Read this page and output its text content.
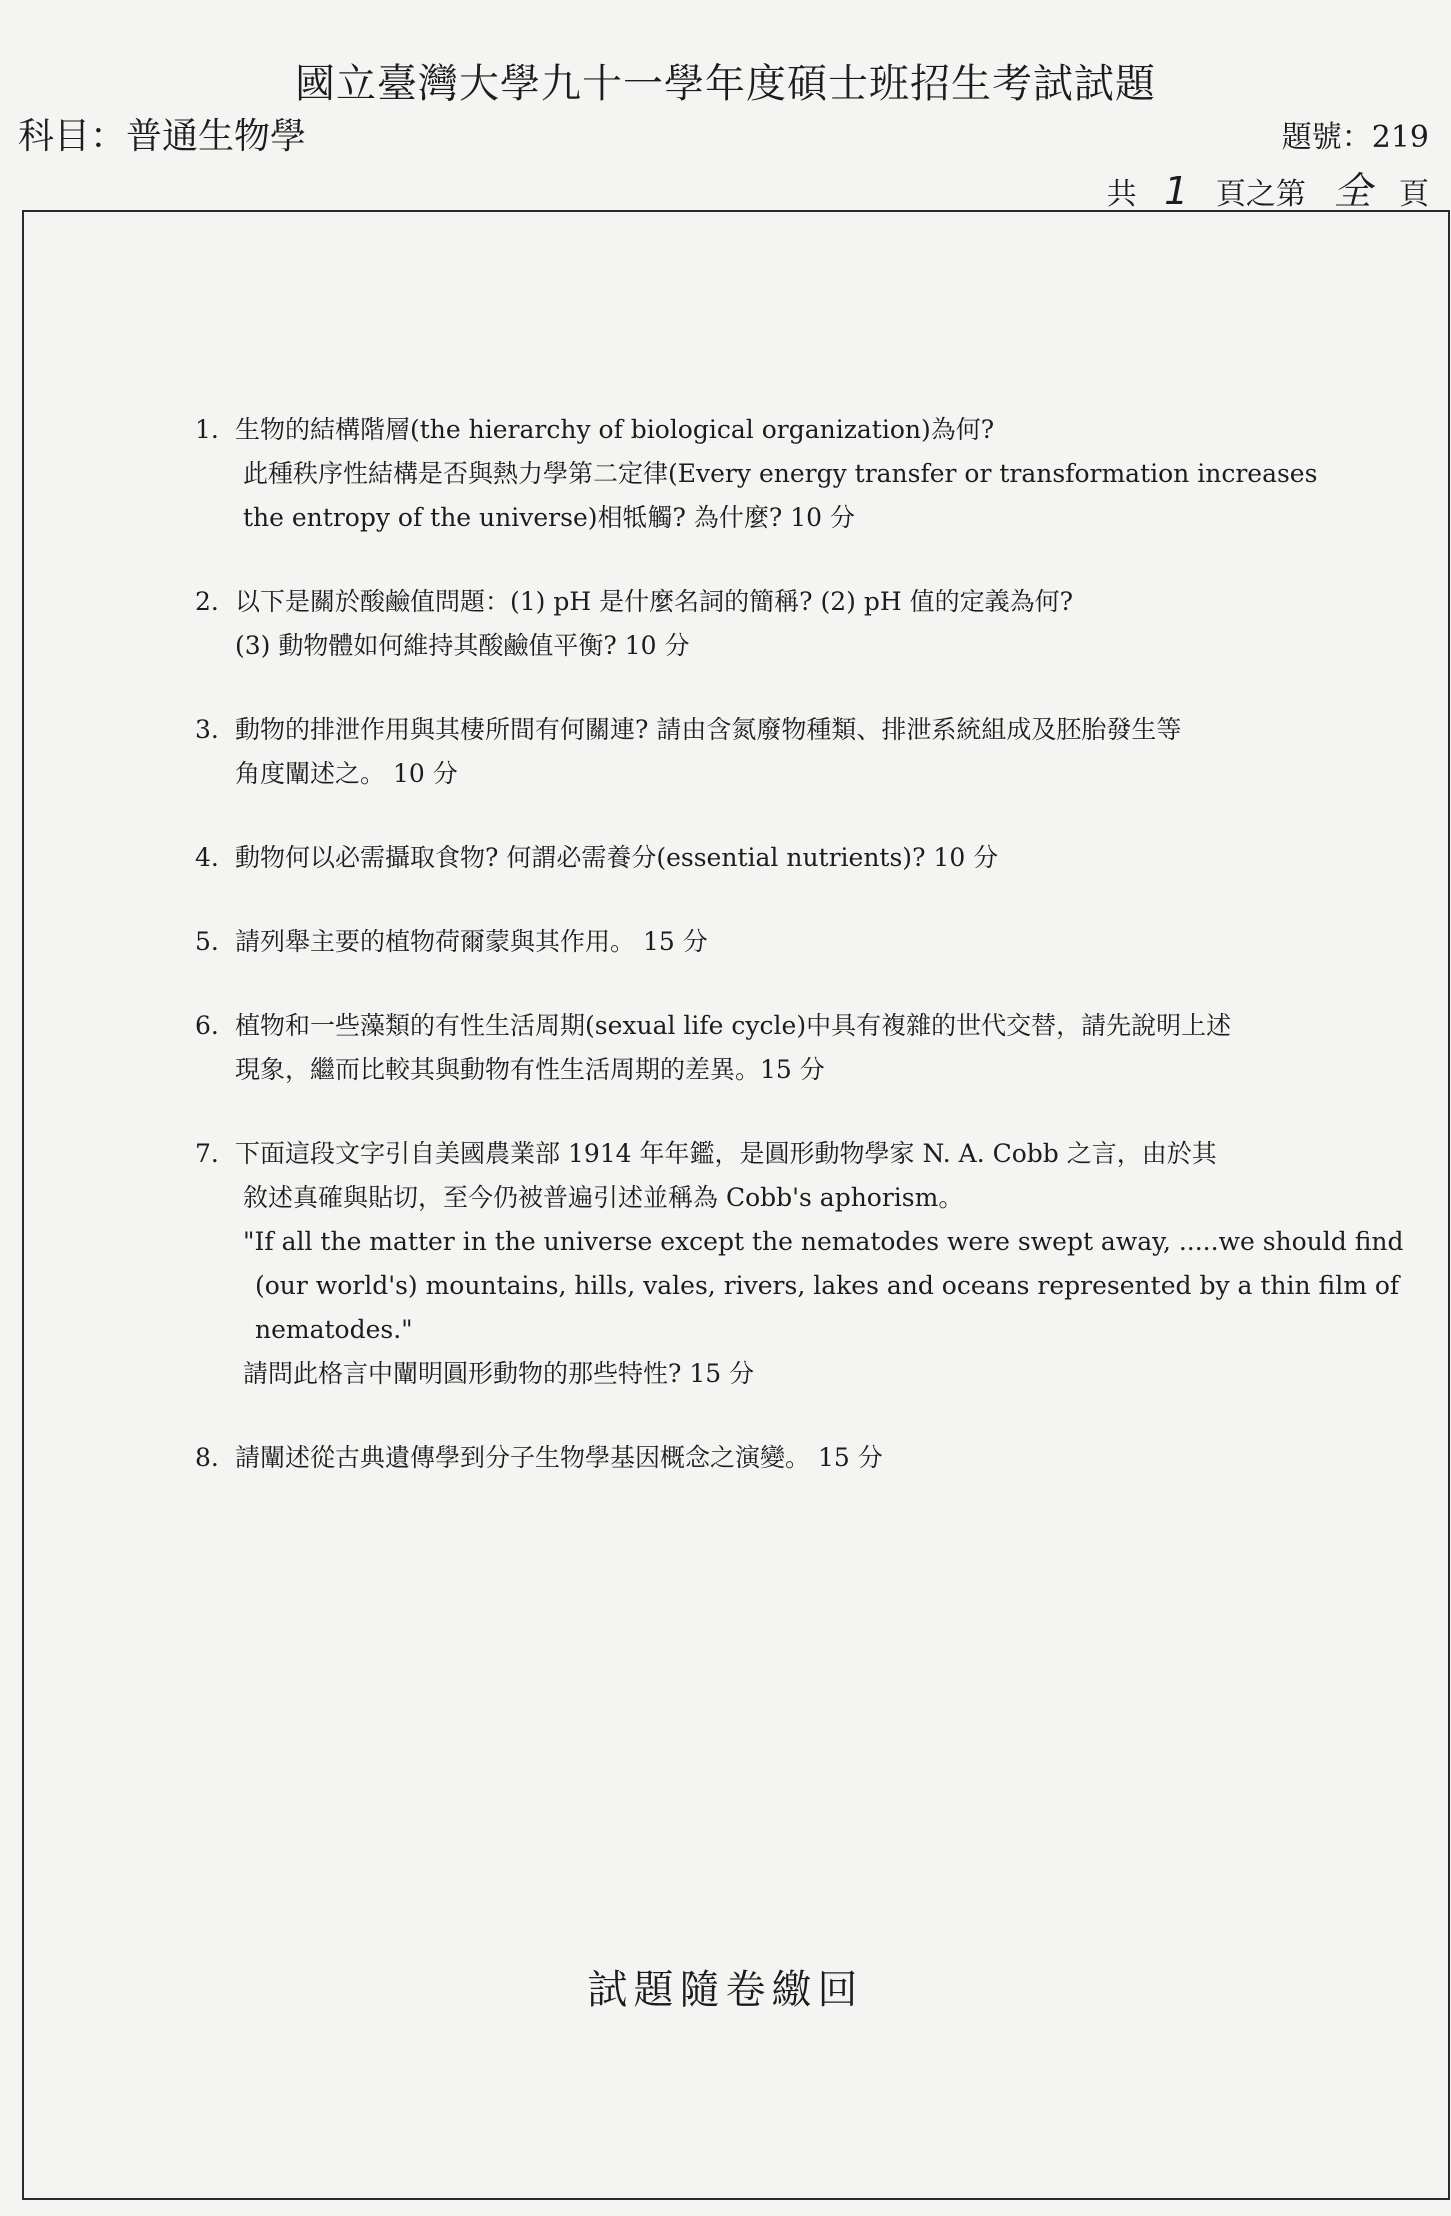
國立臺灣大學九十一學年度碩士班招生考試試題
科目：普通生物學	題號：219
共 1 頁之第 全 頁
1. 生物的結構階層(the hierarchy of biological organization)為何?
此種秩序性結構是否與熱力學第二定律(Every energy transfer or transformation increases
the entropy of the universe)相牴觸? 為什麼? 10 分
2. 以下是關於酸鹼值問題：(1) pH 是什麼名詞的簡稱? (2) pH 值的定義為何?
(3) 動物體如何維持其酸鹼值平衡? 10 分
3. 動物的排泄作用與其棲所間有何關連? 請由含氮廢物種類、排泄系統組成及胚胎發生等
角度闡述之。 10 分
4. 動物何以必需攝取食物? 何謂必需養分(essential nutrients)? 10 分
5. 請列舉主要的植物荷爾蒙與其作用。 15 分
6. 植物和一些藻類的有性生活周期(sexual life cycle)中具有複雜的世代交替，請先說明上述
現象，繼而比較其與動物有性生活周期的差異。15 分
7. 下面這段文字引自美國農業部 1914 年年鑑，是圓形動物學家 N. A. Cobb 之言，由於其
敘述真確與貼切，至今仍被普遍引述並稱為 Cobb's aphorism。
"If all the matter in the universe except the nematodes were swept away, .....we should find
(our world's) mountains, hills, vales, rivers, lakes and oceans represented by a thin film of
nematodes."
請問此格言中闡明圓形動物的那些特性? 15 分
8. 請闡述從古典遺傳學到分子生物學基因概念之演變。 15 分
試題隨卷繳回
